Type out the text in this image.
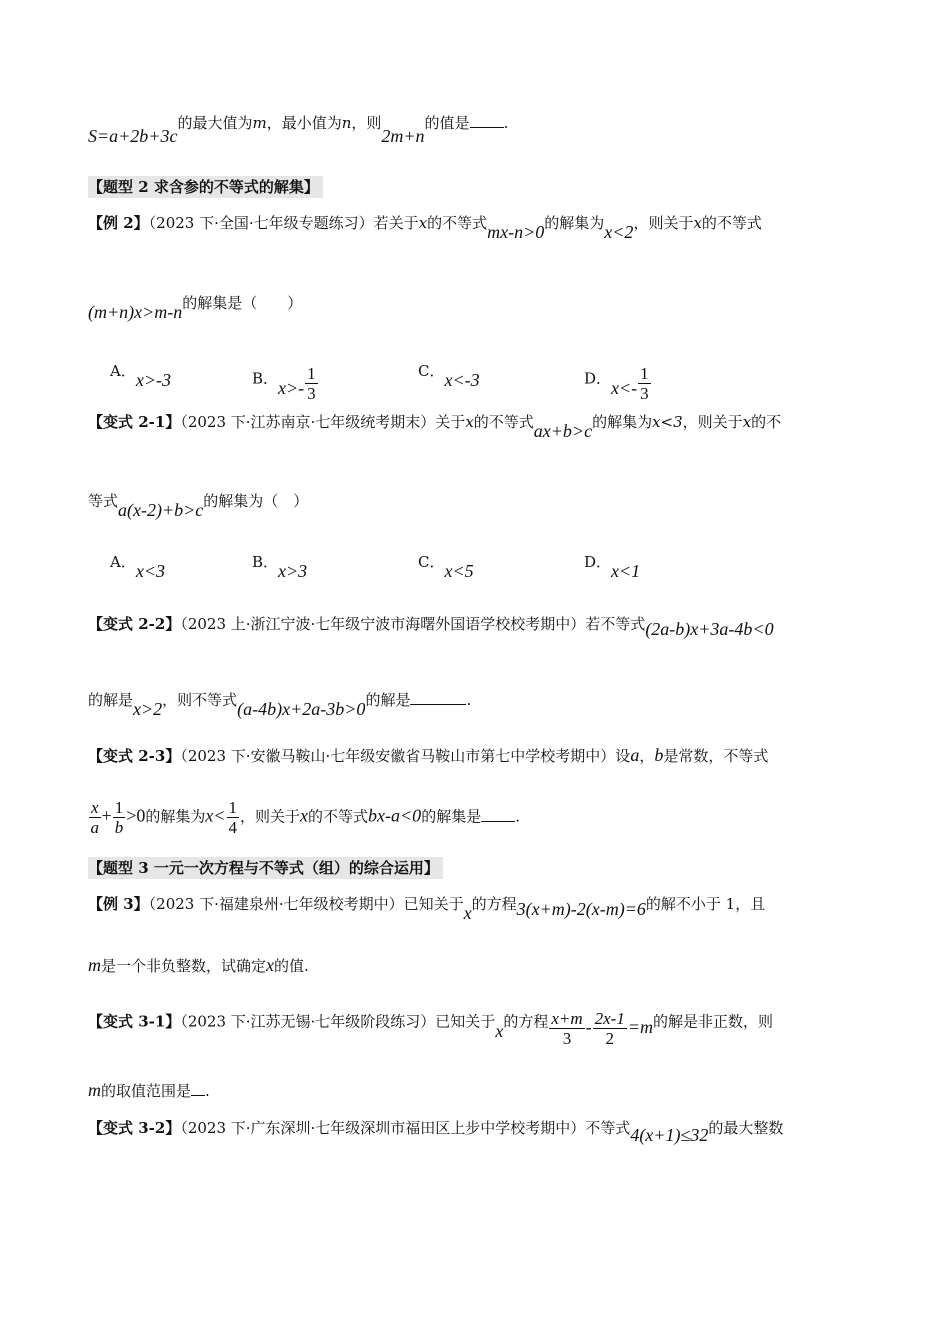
S=a+2b+3c的最大值为m，最小值为n，则2m+n的值是 .
【题型 2 求含参的不等式的解集】
【例 2】（2023 下·全国·七年级专题练习）若关于x的不等式mx-n>0的解集为x<2，则关于x的不等式
(m+n)x>m-n的解集是（　　）
A．x>-3	B．$x>- \frac{1}{3}$	C．x<-3	D．$x<- \frac{1}{3}$
【变式 2-1】（2023 下·江苏南京·七年级统考期末）关于x的不等式ax+b>c的解集为x<3，则关于x的不
等式a(x-2)+b>c的解集为（　）
A．x<3	B．x>3	C．x<5	D．x<1
【变式 2-2】（2023 上·浙江宁波·七年级宁波市海曙外国语学校校考期中）若不等式(2a-b)x+3a-4b<0
的解是x>2，则不等式(a-4b)x+2a-3b>0的解是	.
【变式 2-3】（2023 下·安徽马鞍山·七年级安徽省马鞍山市第七中学校考期中）设a，b是常数，不等式
$\frac{x}{a} + \frac{1}{b} >0$的解集为$x< \frac{1}{4}$ ，则关于x的不等式bx-a<0的解集是 .
【题型 3 一元一次方程与不等式（组）的综合运用】
【例 3】（2023 下·福建泉州·七年级校考期中）已知关于x的方程3(x+m)-2(x-m)=6的解不小于 1，且
m是一个非负整数，试确定x的值.
【变式 3-1】（2023 下·江苏无锡·七年级阶段练习）已知关于x的方程 $\frac{x+m}{3} - \frac{2x-1}{2} =m$的解是非正数，则
m的取值范围是 .
【变式 3-2】（2023 下·广东深圳·七年级深圳市福田区上步中学校考期中）不等式4(x+1)≤32的最大整数
